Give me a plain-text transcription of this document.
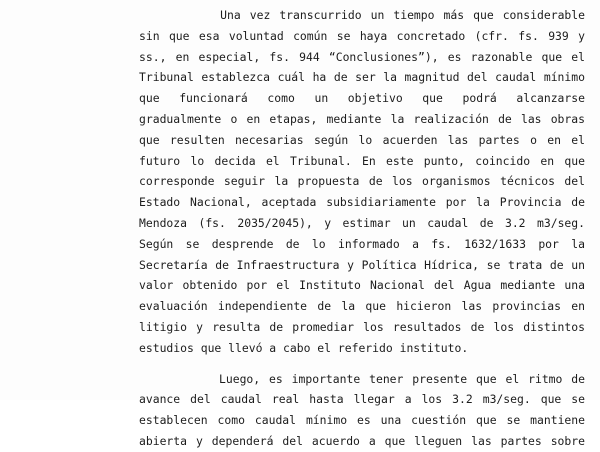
Una vez transcurrido un tiempo más que considerable
sin que esa voluntad común se haya concretado (cfr. fs. 939 y
ss., en especial, fs. 944 “Conclusiones”), es razonable que el
Tribunal establezca cuál ha de ser la magnitud del caudal mínimo
que funcionará como un objetivo que podrá alcanzarse
gradualmente o en etapas, mediante la realización de las obras
que resulten necesarias según lo acuerden las partes o en el
futuro lo decida el Tribunal. En este punto, coincido en que
corresponde seguir la propuesta de los organismos técnicos del
Estado Nacional, aceptada subsidiariamente por la Provincia de
Mendoza (fs. 2035/2045), y estimar un caudal de 3.2 m3/seg.
Según se desprende de lo informado a fs. 1632/1633 por la
Secretaría de Infraestructura y Política Hídrica, se trata de un
valor obtenido por el Instituto Nacional del Agua mediante una
evaluación independiente de la que hicieron las provincias en
litigio y resulta de promediar los resultados de los distintos
estudios que llevó a cabo el referido instituto.
Luego, es importante tener presente que el ritmo de
avance del caudal real hasta llegar a los 3.2 m3/seg. que se
establecen como caudal mínimo es una cuestión que se mantiene
abierta y dependerá del acuerdo a que lleguen las partes sobre
